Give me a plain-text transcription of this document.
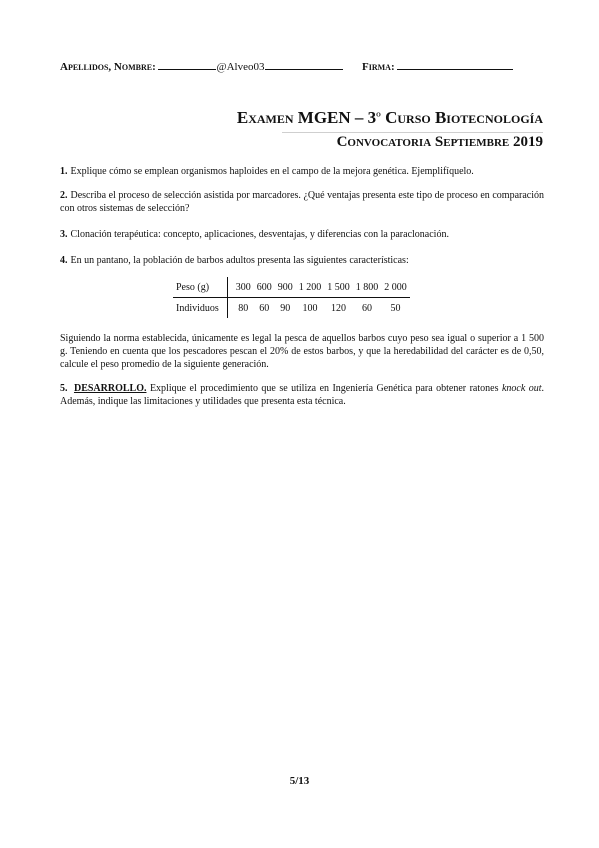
Apellidos, Nombre:	@Alveo03	Firma:
Examen MGEN – 3$^o$ Curso Biotecnología
Convocatoria Septiembre 2019
1. Explique cómo se emplean organismos haploides en el campo de la mejora genética. Ejemplifíquelo.
2. Describa el proceso de selección asistida por marcadores. ¿Qué ventajas presenta este tipo de proceso en comparación con otros sistemas de selección?
3. Clonación terapéutica: concepto, aplicaciones, desventajas, y diferencias con la paraclonación.
4. En un pantano, la población de barbos adultos presenta las siguientes características:
Peso (g)	300	600	900	1 200	1 500	1 800	2 000
Individuos	80	60	90	100	120	60	50
Siguiendo la norma establecida, únicamente es legal la pesca de aquellos barbos cuyo peso sea igual o superior a 1 500 g. Teniendo en cuenta que los pescadores pescan el 20% de estos barbos, y que la heredabilidad del carácter es de 0,50, calcule el peso promedio de la siguiente generación.
5. DESARROLLO. Explique el procedimiento que se utiliza en Ingeniería Genética para obtener ratones knock out. Además, indique las limitaciones y utilidades que presenta esta técnica.
5/13
